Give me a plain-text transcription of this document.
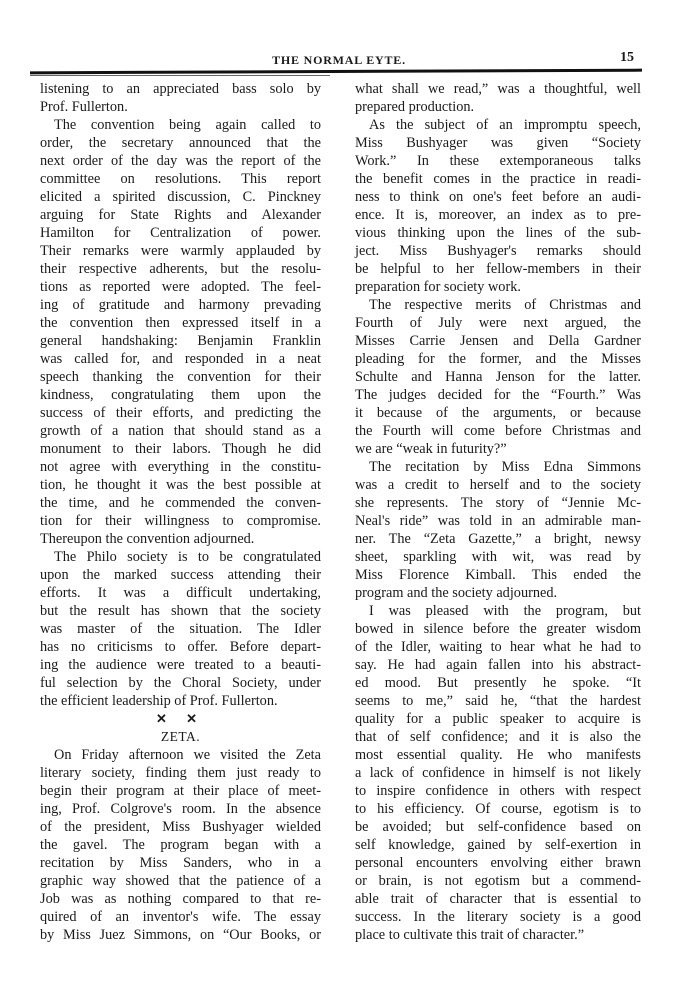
THE NORMAL EYTE.	15
listening to an appreciated bass solo by
Prof. Fullerton.
The convention being again called to
order, the secretary announced that the
next order of the day was the report of the
committee on resolutions. This report
elicited a spirited discussion, C. Pinckney
arguing for State Rights and Alexander
Hamilton for Centralization of power.
Their remarks were warmly applauded by
their respective adherents, but the resolu-
tions as reported were adopted. The feel-
ing of gratitude and harmony prevading
the convention then expressed itself in a
general handshaking: Benjamin Franklin
was called for, and responded in a neat
speech thanking the convention for their
kindness, congratulating them upon the
success of their efforts, and predicting the
growth of a nation that should stand as a
monument to their labors. Though he did
not agree with everything in the constitu-
tion, he thought it was the best possible at
the time, and he commended the conven-
tion for their willingness to compromise.
Thereupon the convention adjourned.
The Philo society is to be congratulated
upon the marked success attending their
efforts. It was a difficult undertaking,
but the result has shown that the society
was master of the situation. The Idler
has no criticisms to offer. Before depart-
ing the audience were treated to a beauti-
ful selection by the Choral Society, under
the efficient leadership of Prof. Fullerton.
✕ ✕
ZETA.
On Friday afternoon we visited the Zeta
literary society, finding them just ready to
begin their program at their place of meet-
ing, Prof. Colgrove's room. In the absence
of the president, Miss Bushyager wielded
the gavel. The program began with a
recitation by Miss Sanders, who in a
graphic way showed that the patience of a
Job was as nothing compared to that re-
quired of an inventor's wife. The essay
by Miss Juez Simmons, on “Our Books, or
what shall we read,” was a thoughtful, well
prepared production.
As the subject of an impromptu speech,
Miss Bushyager was given “Society
Work.” In these extemporaneous talks
the benefit comes in the practice in readi-
ness to think on one's feet before an audi-
ence. It is, moreover, an index as to pre-
vious thinking upon the lines of the sub-
ject. Miss Bushyager's remarks should
be helpful to her fellow-members in their
preparation for society work.
The respective merits of Christmas and
Fourth of July were next argued, the
Misses Carrie Jensen and Della Gardner
pleading for the former, and the Misses
Schulte and Hanna Jenson for the latter.
The judges decided for the “Fourth.” Was
it because of the arguments, or because
the Fourth will come before Christmas and
we are “weak in futurity?”
The recitation by Miss Edna Simmons
was a credit to herself and to the society
she represents. The story of “Jennie Mc-
Neal's ride” was told in an admirable man-
ner. The “Zeta Gazette,” a bright, newsy
sheet, sparkling with wit, was read by
Miss Florence Kimball. This ended the
program and the society adjourned.
I was pleased with the program, but
bowed in silence before the greater wisdom
of the Idler, waiting to hear what he had to
say. He had again fallen into his abstract-
ed mood. But presently he spoke. “It
seems to me,” said he, “that the hardest
quality for a public speaker to acquire is
that of self confidence; and it is also the
most essential quality. He who manifests
a lack of confidence in himself is not likely
to inspire confidence in others with respect
to his efficiency. Of course, egotism is to
be avoided; but self-confidence based on
self knowledge, gained by self-exertion in
personal encounters envolving either brawn
or brain, is not egotism but a commend-
able trait of character that is essential to
success. In the literary society is a good
place to cultivate this trait of character.”
